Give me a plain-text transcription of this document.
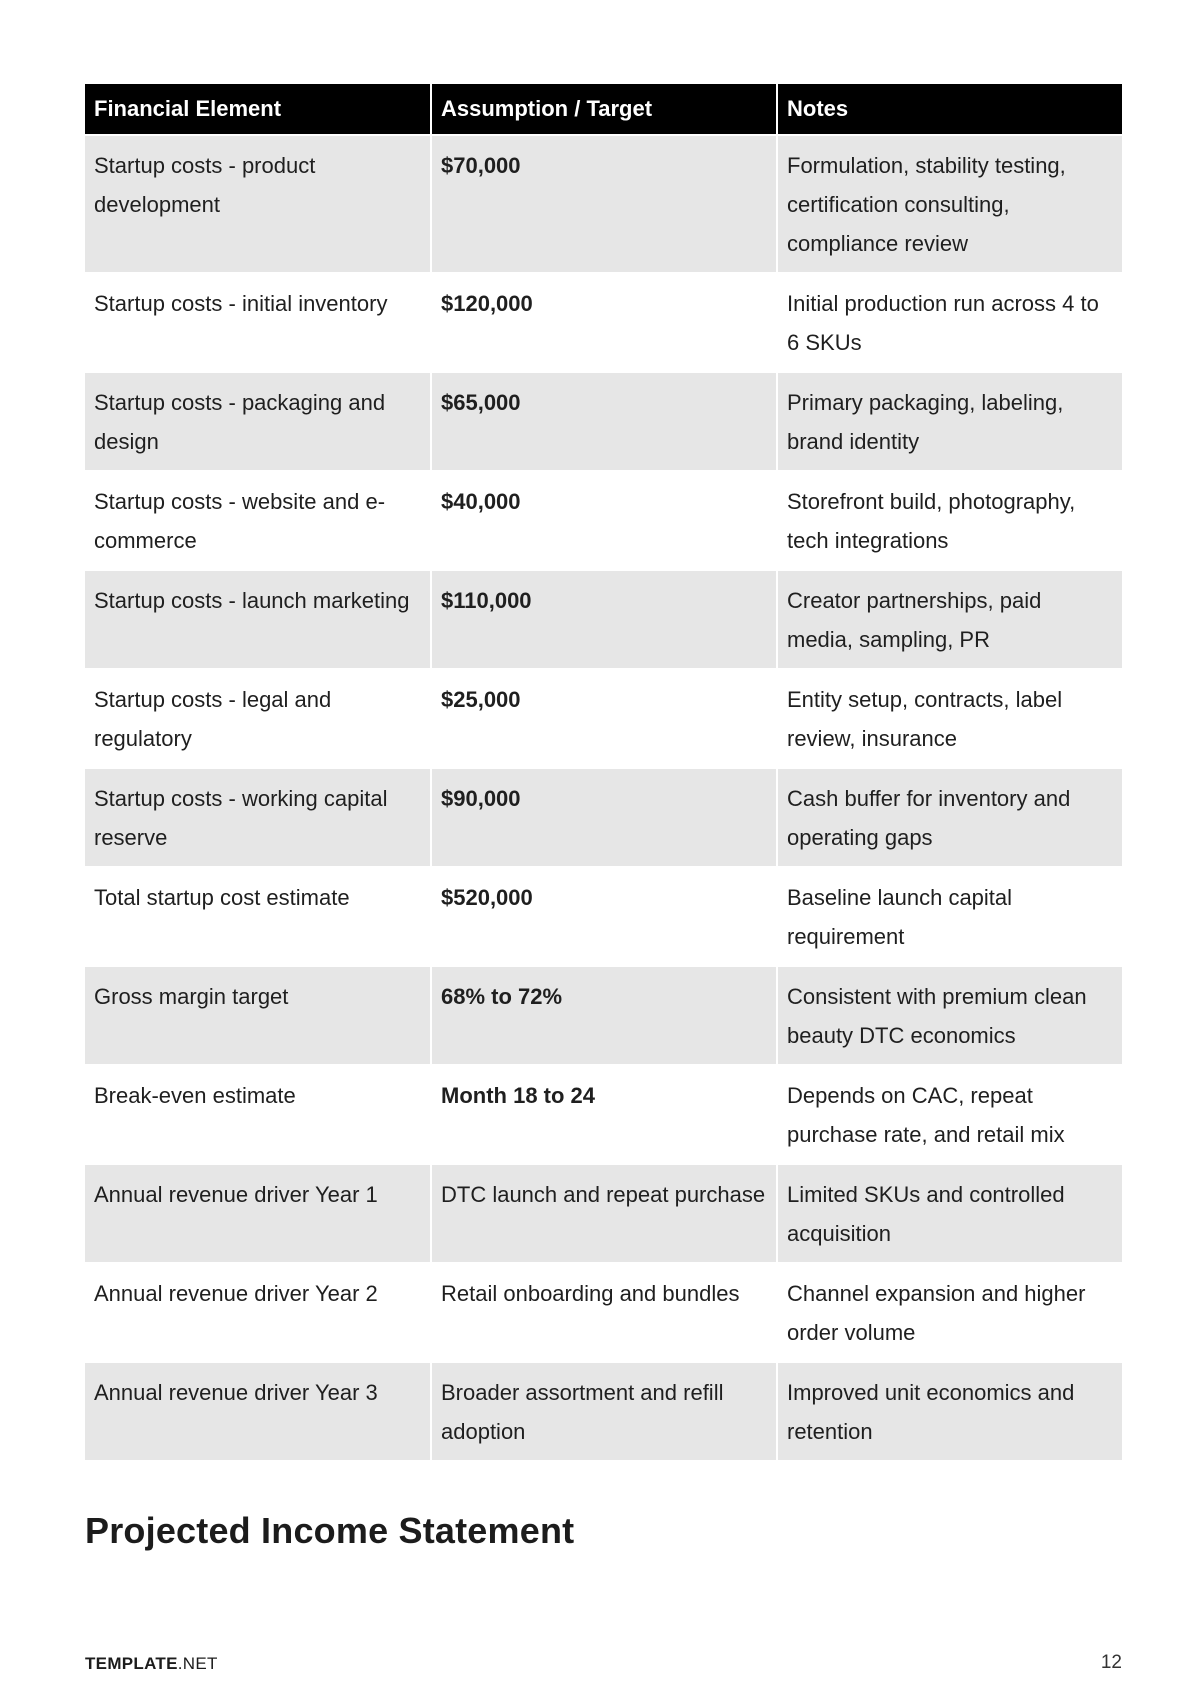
Financial Element	Assumption / Target	Notes
Startup costs - product development	$70,000	Formulation, stability testing, certification consulting, compliance review
Startup costs - initial inventory	$120,000	Initial production run across 4 to 6 SKUs
Startup costs - packaging and design	$65,000	Primary packaging, labeling, brand identity
Startup costs - website and e-commerce	$40,000	Storefront build, photography, tech integrations
Startup costs - launch marketing	$110,000	Creator partnerships, paid media, sampling, PR
Startup costs - legal and regulatory	$25,000	Entity setup, contracts, label review, insurance
Startup costs - working capital reserve	$90,000	Cash buffer for inventory and operating gaps
Total startup cost estimate	$520,000	Baseline launch capital requirement
Gross margin target	68% to 72%	Consistent with premium clean beauty DTC economics
Break-even estimate	Month 18 to 24	Depends on CAC, repeat purchase rate, and retail mix
Annual revenue driver Year 1	DTC launch and repeat purchase	Limited SKUs and controlled acquisition
Annual revenue driver Year 2	Retail onboarding and bundles	Channel expansion and higher order volume
Annual revenue driver Year 3	Broader assortment and refill adoption	Improved unit economics and retention
Projected Income Statement
TEMPLATE.NET	12
